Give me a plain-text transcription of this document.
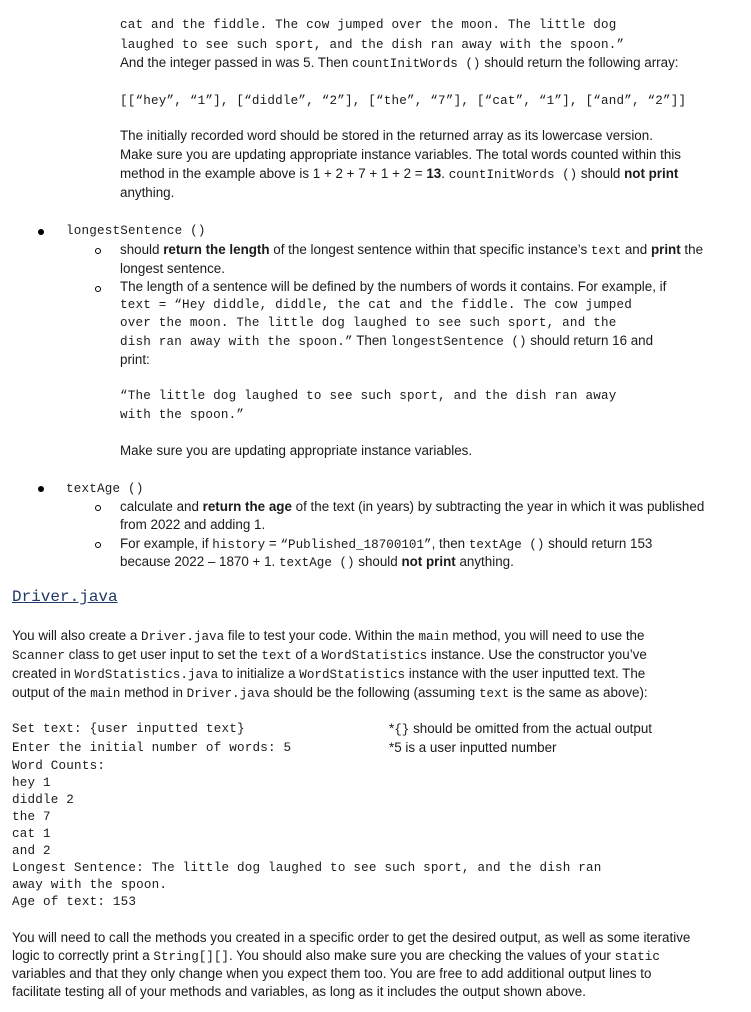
cat and the fiddle. The cow jumped over the moon. The little dog
laughed to see such sport, and the dish ran away with the spoon.”
And the integer passed in was 5. Then countInitWords () should return the following array:
[[“hey”, “1”], [“diddle”, “2”], [“the”, “7”], [“cat”, “1”], [“and”, “2”]]
The initially recorded word should be stored in the returned array as its lowercase version.
Make sure you are updating appropriate instance variables. The total words counted within this
method in the example above is 1 + 2 + 7 + 1 + 2 = 13. countInitWords () should not print
anything.
longestSentence ()
should return the length of the longest sentence within that specific instance’s text and print the
longest sentence.
The length of a sentence will be defined by the numbers of words it contains. For example, if
text = “Hey diddle, diddle, the cat and the fiddle. The cow jumped
over the moon. The little dog laughed to see such sport, and the
dish ran away with the spoon.” Then longestSentence () should return 16 and
print:
“The little dog laughed to see such sport, and the dish ran away
with the spoon.”
Make sure you are updating appropriate instance variables.
textAge ()
calculate and return the age of the text (in years) by subtracting the year in which it was published
from 2022 and adding 1.
For example, if history = “Published_18700101”, then textAge () should return 153
because 2022 – 1870 + 1. textAge () should not print anything.
Driver.java
You will also create a Driver.java file to test your code. Within the main method, you will need to use the
Scanner class to get user input to set the text of a WordStatistics instance. Use the constructor you’ve
created in WordStatistics.java to initialize a WordStatistics instance with the user inputted text. The
output of the main method in Driver.java should be the following (assuming text is the same as above):
Set text: {user inputted text}
Enter the initial number of words: 5
Word Counts:
hey 1
diddle 2
the 7
cat 1
and 2
Longest Sentence: The little dog laughed to see such sport, and the dish ran
away with the spoon.
Age of text: 153
*{} should be omitted from the actual output
*5 is a user inputted number
You will need to call the methods you created in a specific order to get the desired output, as well as some iterative
logic to correctly print a String[][]. You should also make sure you are checking the values of your static
variables and that they only change when you expect them too. You are free to add additional output lines to
facilitate testing all of your methods and variables, as long as it includes the output shown above.
